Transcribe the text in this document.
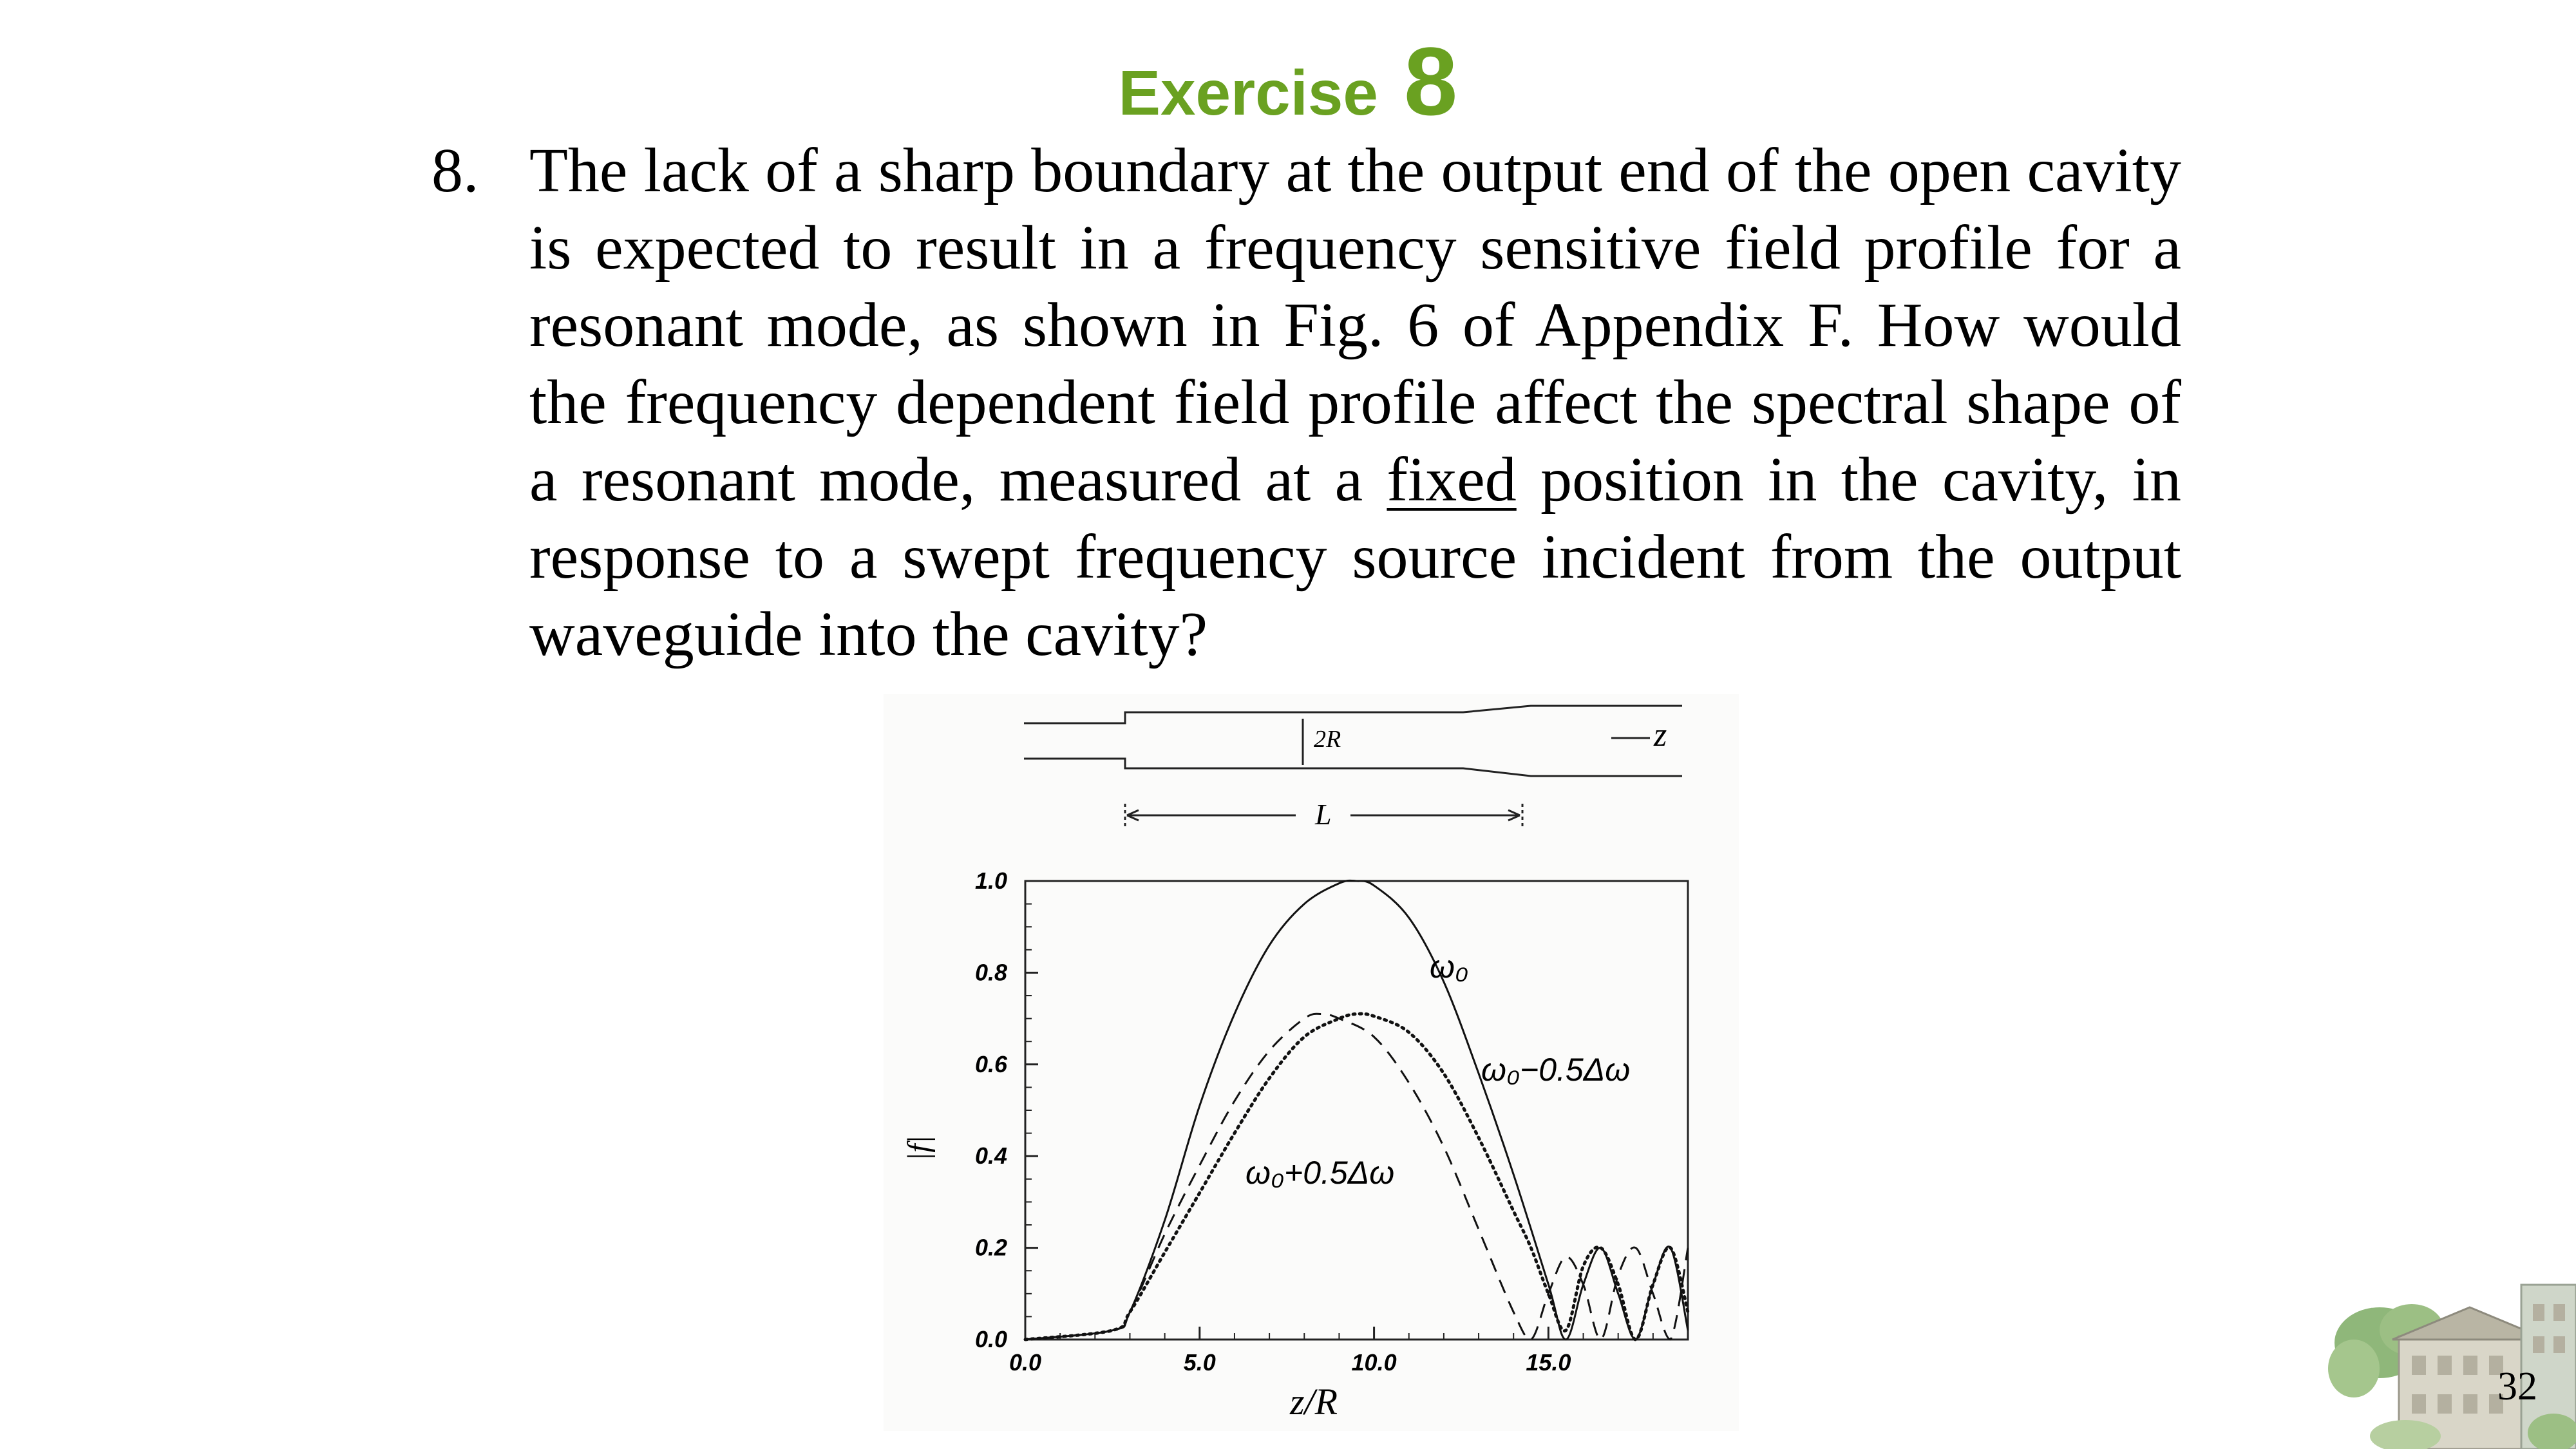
Exercise 8
8. The lack of a sharp boundary at the output end of the open cavity is expected to result in a frequency sensitive field profile for a resonant mode, as shown in Fig. 6 of Appendix F. How would the frequency dependent field profile affect the spectral shape of a resonant mode, measured at a fixed position in the cavity, in response to a swept frequency source incident from the output waveguide into the cavity?
2R	z
L
0.0
0.2
0.4
0.6
0.8
1.0
0.0	5.0	10.0	15.0
z/R
|f|
ω₀
ω₀−0.5Δω
ω₀+0.5Δω
32
